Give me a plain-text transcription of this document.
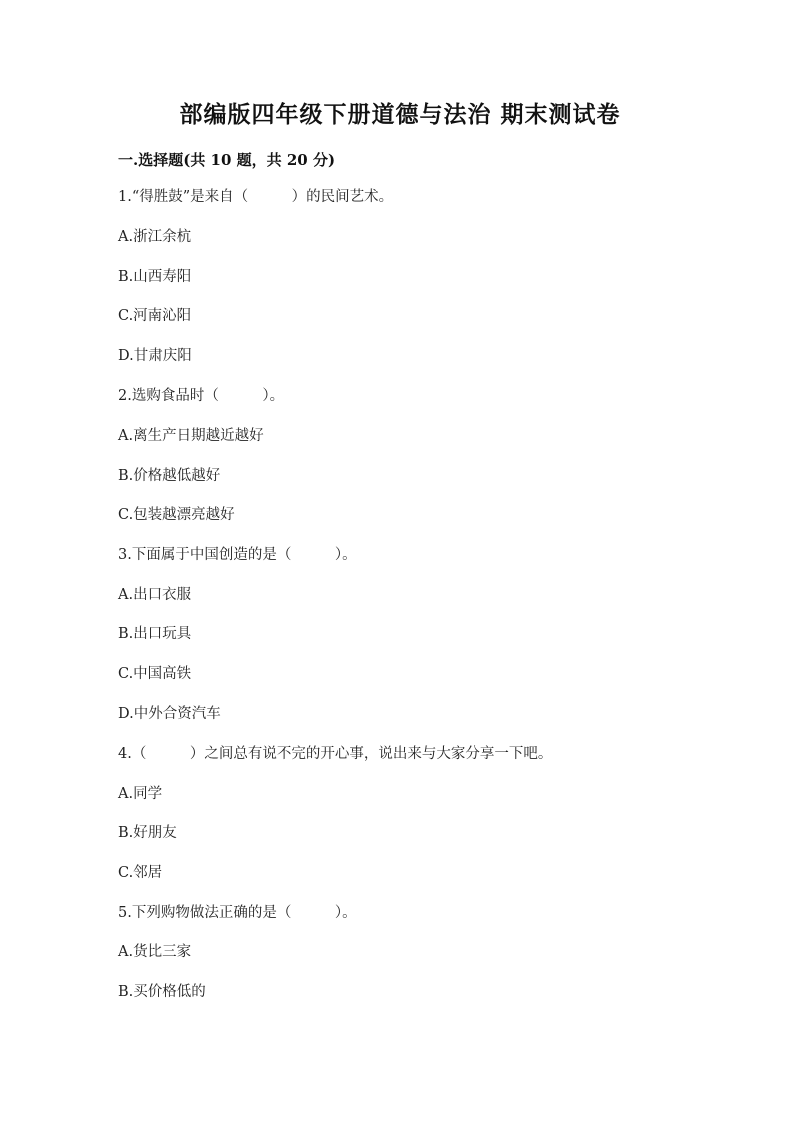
部编版四年级下册道德与法治 期末测试卷
一.选择题(共 10 题，共 20 分)
1.“得胜鼓”是来自（　　　）的民间艺术。
A.浙江余杭
B.山西寿阳
C.河南沁阳
D.甘肃庆阳
2.选购食品时（　　　）。
A.离生产日期越近越好
B.价格越低越好
C.包装越漂亮越好
3.下面属于中国创造的是（　　　）。
A.出口衣服
B.出口玩具
C.中国高铁
D.中外合资汽车
4.（　　　）之间总有说不完的开心事，说出来与大家分享一下吧。
A.同学
B.好朋友
C.邻居
5.下列购物做法正确的是（　　　）。
A.货比三家
B.买价格低的
